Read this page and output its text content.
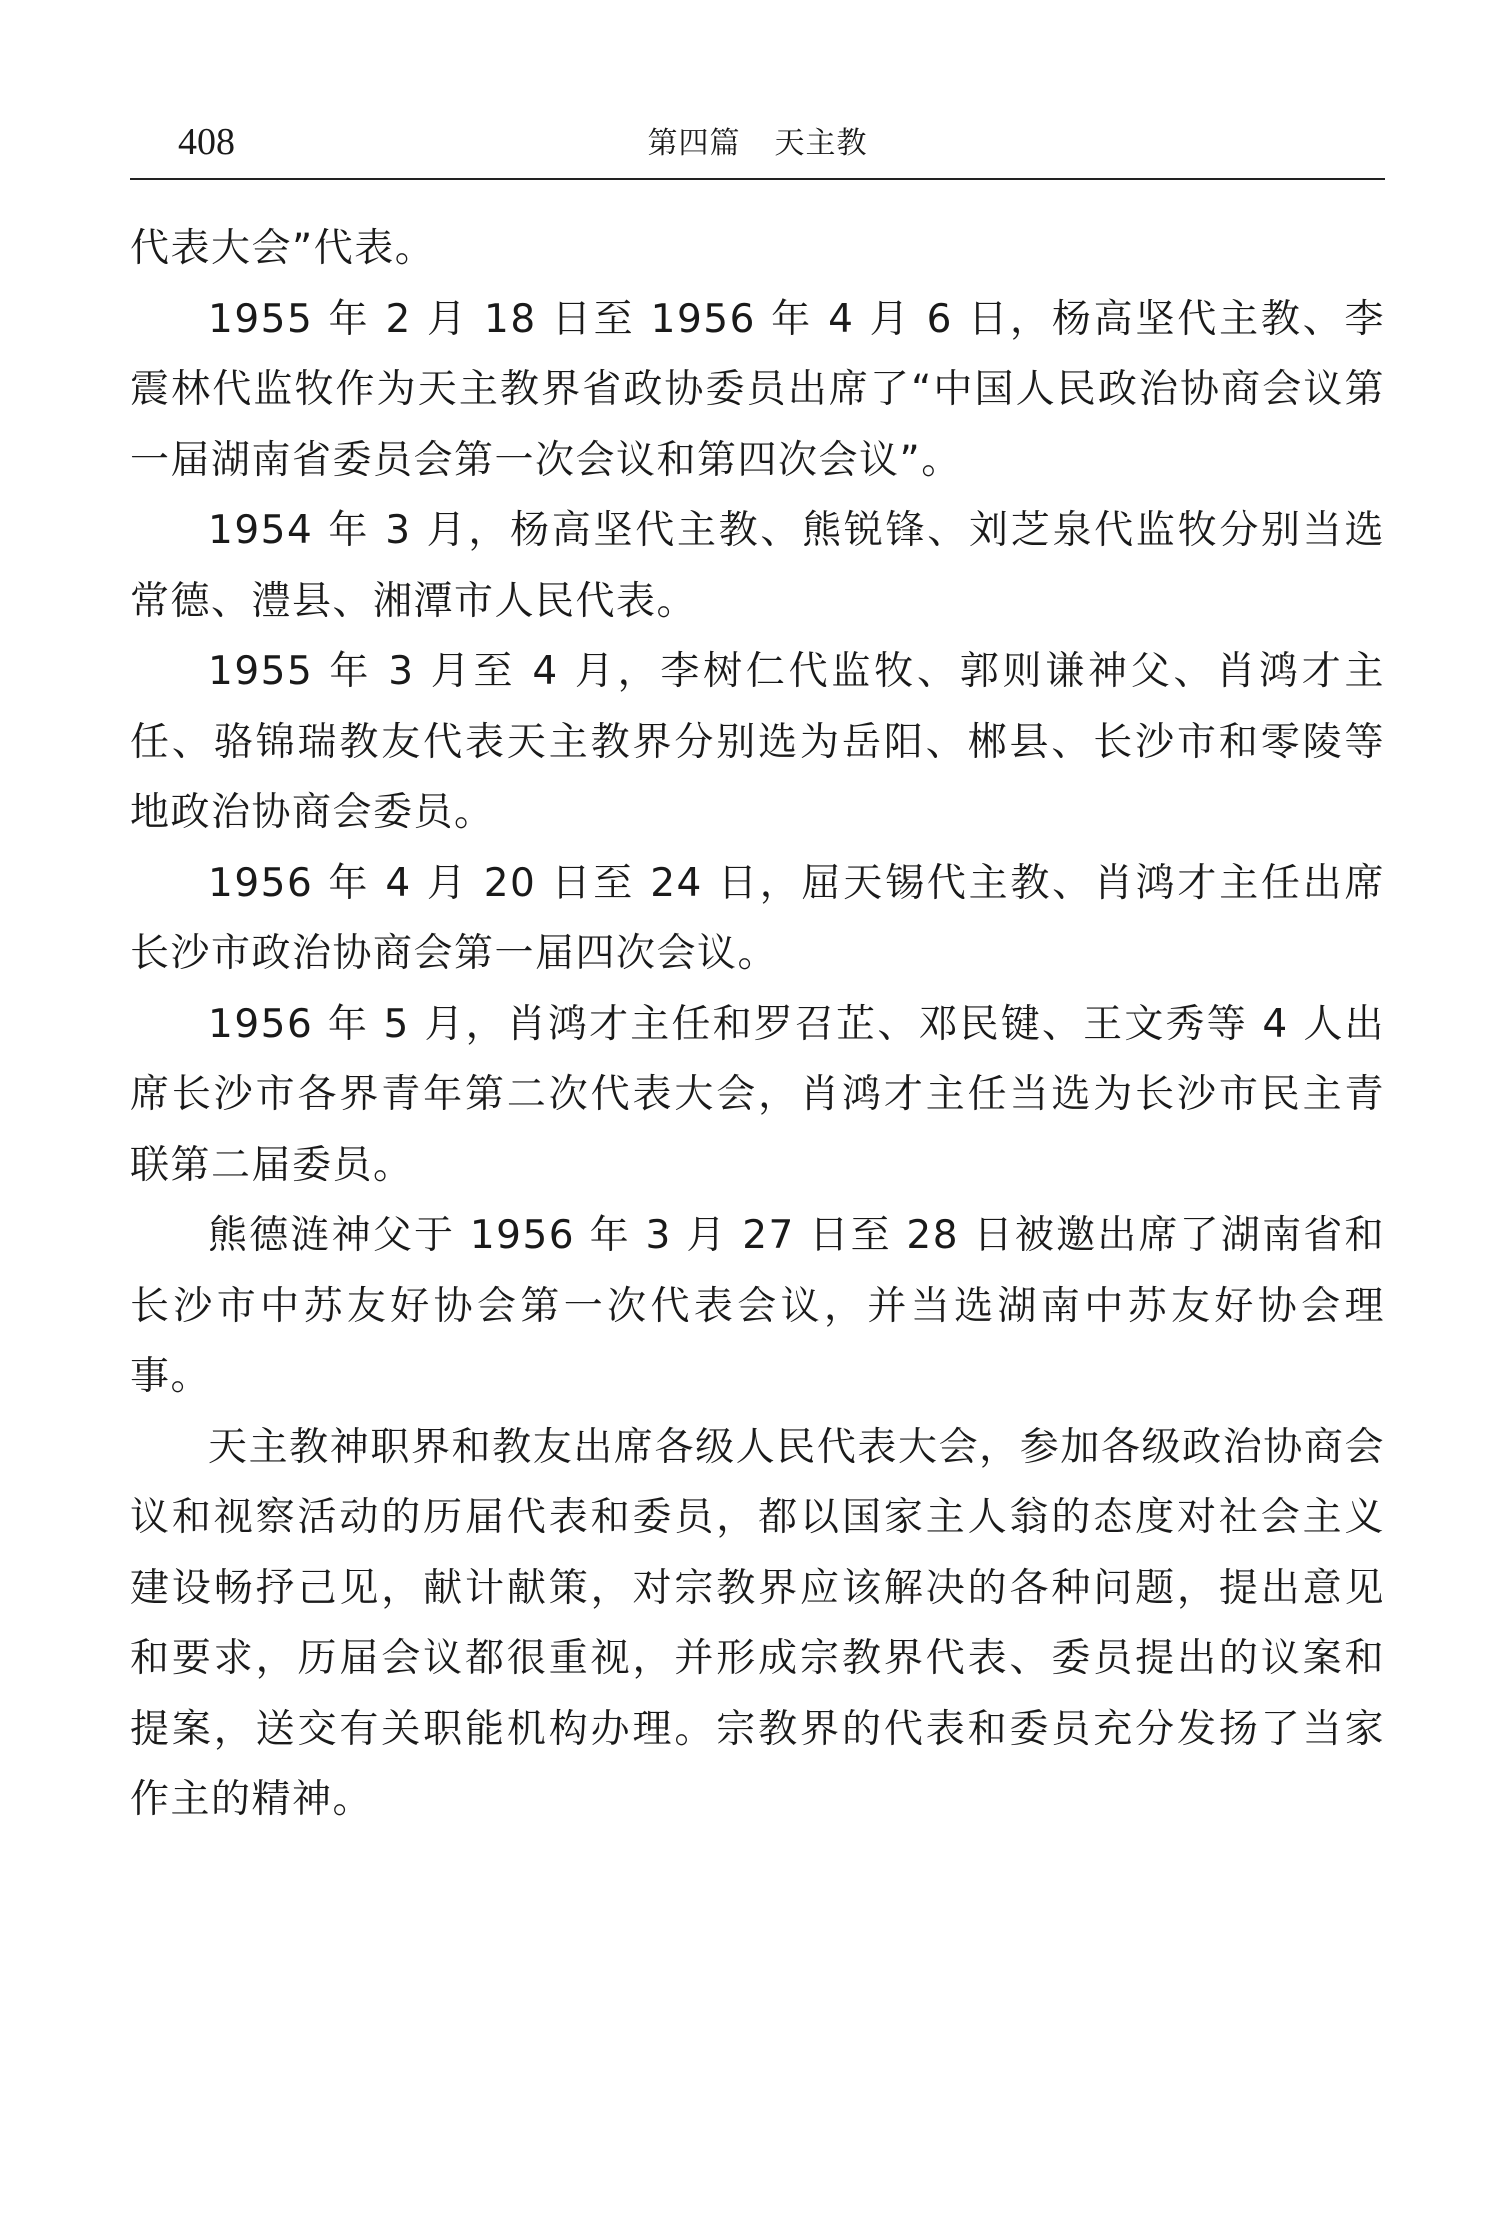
408	第四篇 天主教

代表大会”代表。

1955 年 2 月 18 日至 1956 年 4 月 6 日，杨高坚代主教、李震林代监牧作为天主教界省政协委员出席了“中国人民政治协商会议第一届湖南省委员会第一次会议和第四次会议”。

1954 年 3 月，杨高坚代主教、熊锐锋、刘芝泉代监牧分别当选常德、澧县、湘潭市人民代表。

1955 年 3 月至 4 月，李树仁代监牧、郭则谦神父、肖鸿才主任、骆锦瑞教友代表天主教界分别选为岳阳、郴县、长沙市和零陵等地政治协商会委员。

1956 年 4 月 20 日至 24 日，屈天锡代主教、肖鸿才主任出席长沙市政治协商会第一届四次会议。

1956 年 5 月，肖鸿才主任和罗召芷、邓民键、王文秀等 4 人出席长沙市各界青年第二次代表大会，肖鸿才主任当选为长沙市民主青联第二届委员。

熊德涟神父于 1956 年 3 月 27 日至 28 日被邀出席了湖南省和长沙市中苏友好协会第一次代表会议，并当选湖南中苏友好协会理事。

天主教神职界和教友出席各级人民代表大会，参加各级政治协商会议和视察活动的历届代表和委员，都以国家主人翁的态度对社会主义建设畅抒己见，献计献策，对宗教界应该解决的各种问题，提出意见和要求，历届会议都很重视，并形成宗教界代表、委员提出的议案和提案，送交有关职能机构办理。宗教界的代表和委员充分发扬了当家作主的精神。
